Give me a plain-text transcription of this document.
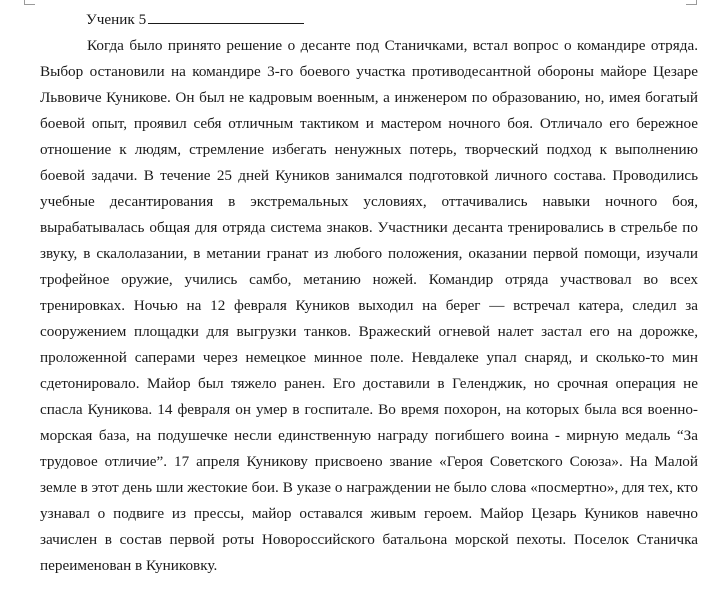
Ученик 5

Когда было принято решение о десанте под Станичками, встал вопрос о командире отряда. Выбор остановили на командире 3-го боевого участка противодесантной обороны майоре Цезаре Львовиче Куникове. Он был не кадровым военным, а инженером по образованию, но, имея богатый боевой опыт, проявил себя отличным тактиком и мастером ночного боя. Отличало его бережное отношение к людям, стремление избегать ненужных потерь, творческий подход к выполнению боевой задачи. В течение 25 дней Куников занимался подготовкой личного состава. Проводились учебные десантирования в экстремальных условиях, оттачивались навыки ночного боя, вырабатывалась общая для отряда система знаков. Участники десанта тренировались в стрельбе по звуку, в скалолазании, в метании гранат из любого положения, оказании первой помощи, изучали трофейное оружие, учились самбо, метанию ножей. Командир отряда участвовал во всех тренировках. Ночью на 12 февраля Куников выходил на берег — встречал катера, следил за сооружением площадки для выгрузки танков. Вражеский огневой налет застал его на дорожке, проложенной саперами через немецкое минное поле. Невдалеке упал снаряд, и сколько-то мин сдетонировало. Майор был тяжело ранен. Его доставили в Геленджик, но срочная операция не спасла Куникова. 14 февраля он умер в госпитале. Во время похорон, на которых была вся военно-морская база, на подушечке несли единственную награду погибшего воина - мирную медаль “За трудовое отличие”. 17 апреля Куникову присвоено звание «Героя Советского Союза». На Малой земле в этот день шли жестокие бои. В указе о награждении не было слова «посмертно», для тех, кто узнавал о подвиге из прессы, майор оставался живым героем. Майор Цезарь Куников навечно зачислен в состав первой роты Новороссийского батальона морской пехоты. Поселок Станичка переименован в Куниковку.
